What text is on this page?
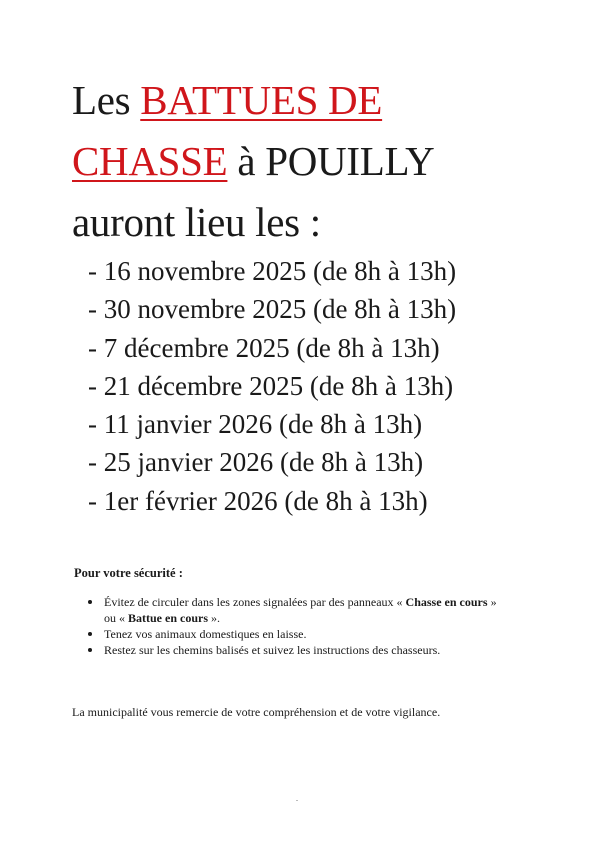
Les BATTUES DE
CHASSE à POUILLY
auront lieu les :
- 16 novembre 2025 (de 8h à 13h)
- 30 novembre 2025 (de 8h à 13h)
- 7 décembre 2025 (de 8h à 13h)
- 21 décembre 2025 (de 8h à 13h)
- 11 janvier 2026 (de 8h à 13h)
- 25 janvier 2026 (de 8h à 13h)
- 1er février 2026 (de 8h à 13h)
Pour votre sécurité :
Évitez de circuler dans les zones signalées par des panneaux « Chasse en cours » ou « Battue en cours ».
Tenez vos animaux domestiques en laisse.
Restez sur les chemins balisés et suivez les instructions des chasseurs.
La municipalité vous remercie de votre compréhension et de votre vigilance.
